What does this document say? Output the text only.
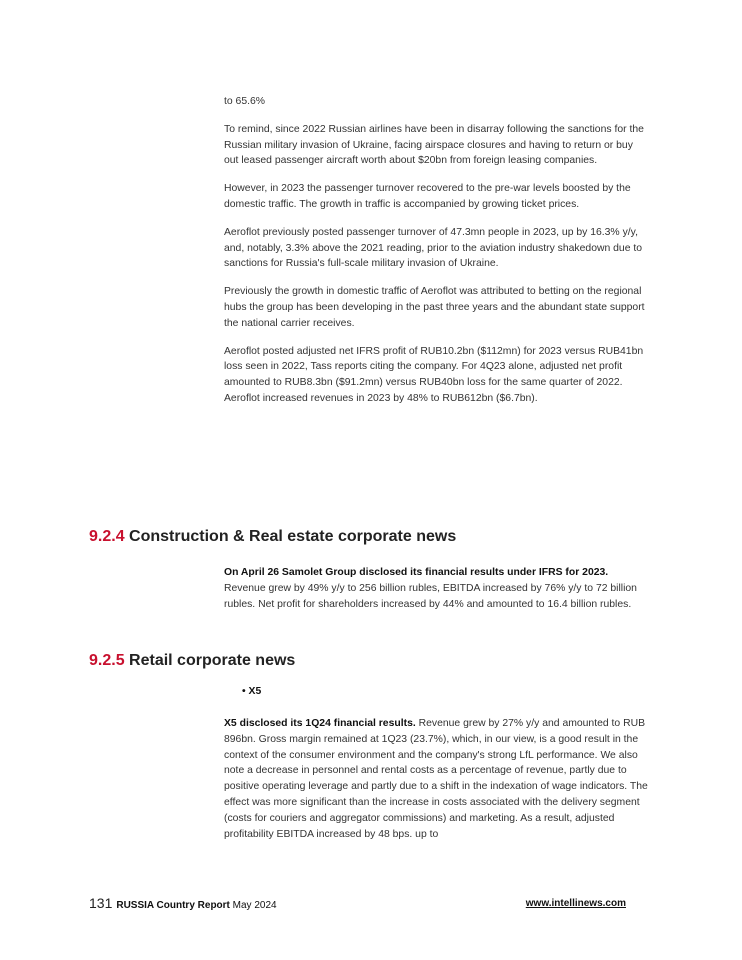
to 65.6%

To remind, since 2022 Russian airlines have been in disarray following the sanctions for the Russian military invasion of Ukraine, facing airspace closures and having to return or buy out leased passenger aircraft worth about $20bn from foreign leasing companies.

However, in 2023 the passenger turnover recovered to the pre-war levels boosted by the domestic traffic. The growth in traffic is accompanied by growing ticket prices.

Aeroflot previously posted passenger turnover of 47.3mn people in 2023, up by 16.3% y/y, and, notably, 3.3% above the 2021 reading, prior to the aviation industry shakedown due to sanctions for Russia's full-scale military invasion of Ukraine.

Previously the growth in domestic traffic of Aeroflot was attributed to betting on the regional hubs the group has been developing in the past three years and the abundant state support the national carrier receives.

Aeroflot posted adjusted net IFRS profit of RUB10.2bn ($112mn) for 2023 versus RUB41bn loss seen in 2022, Tass reports citing the company. For 4Q23 alone, adjusted net profit amounted to RUB8.3bn ($91.2mn) versus RUB40bn loss for the same quarter of 2022. Aeroflot increased revenues in 2023 by 48% to RUB612bn ($6.7bn).

9.2.4 Construction & Real estate corporate news

On April 26 Samolet Group disclosed its financial results under IFRS for 2023. Revenue grew by 49% y/y to 256 billion rubles, EBITDA increased by 76% y/y to 72 billion rubles. Net profit for shareholders increased by 44% and amounted to 16.4 billion rubles.

9.2.5 Retail corporate news
• X5

X5 disclosed its 1Q24 financial results. Revenue grew by 27% y/y and amounted to RUB 896bn. Gross margin remained at 1Q23 (23.7%), which, in our view, is a good result in the context of the consumer environment and the company's strong LfL performance. We also note a decrease in personnel and rental costs as a percentage of revenue, partly due to positive operating leverage and partly due to a shift in the indexation of wage indicators. The effect was more significant than the increase in costs associated with the delivery segment (costs for couriers and aggregator commissions) and marketing. As a result, adjusted profitability EBITDA increased by 48 bps. up to

131 RUSSIA Country Report May 2024	www.intellinews.com
